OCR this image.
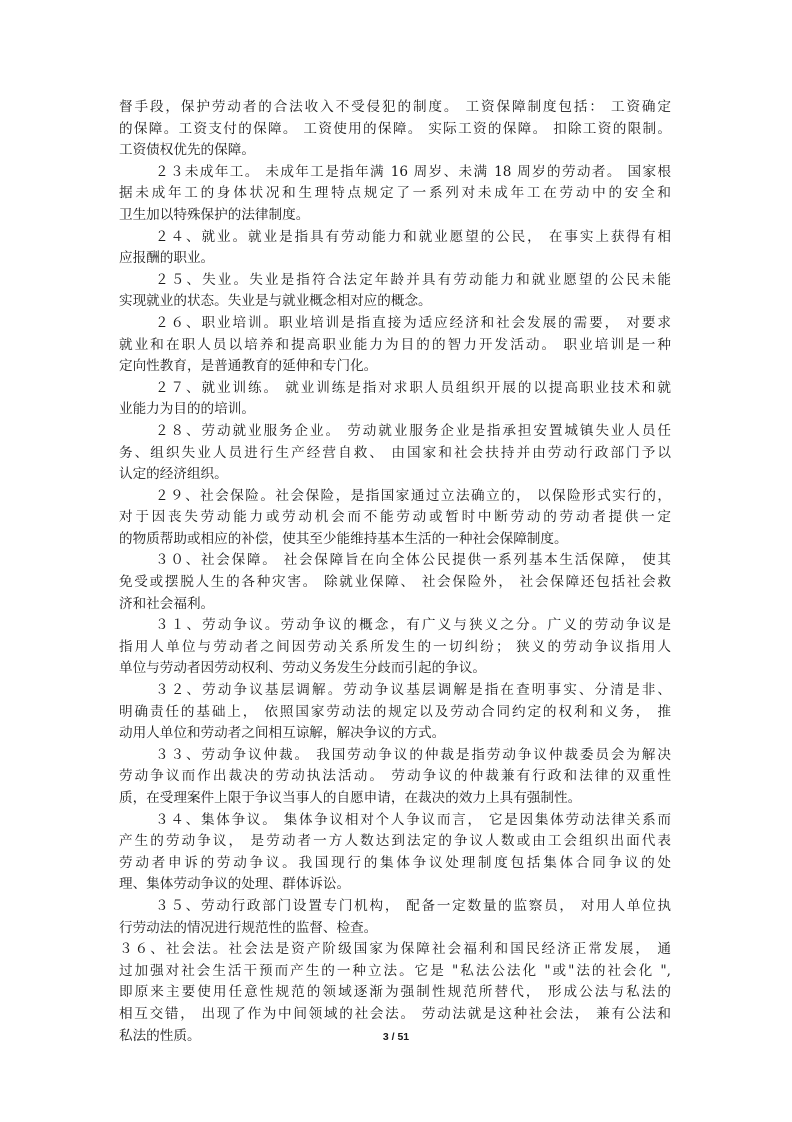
督手段，保护劳动者的合法收入不受侵犯的制度。 工资保障制度包括： 工资确定
的保障。工资支付的保障。 工资使用的保障。 实际工资的保障。 扣除工资的限制。
工资债权优先的保障。
２３未成年工。 未成年工是指年满 16 周岁、未满 18 周岁的劳动者。 国家根
据未成年工的身体状况和生理特点规定了一系列对未成年工在劳动中的安全和
卫生加以特殊保护的法律制度。
２４、就业。就业是指具有劳动能力和就业愿望的公民， 在事实上获得有相
应报酬的职业。
２５、失业。失业是指符合法定年龄并具有劳动能力和就业愿望的公民未能
实现就业的状态。失业是与就业概念相对应的概念。
２６、职业培训。职业培训是指直接为适应经济和社会发展的需要， 对要求
就业和在职人员以培养和提高职业能力为目的的智力开发活动。 职业培训是一种
定向性教育，是普通教育的延伸和专门化。
２７、就业训练。 就业训练是指对求职人员组织开展的以提高职业技术和就
业能力为目的的培训。
２８、劳动就业服务企业。 劳动就业服务企业是指承担安置城镇失业人员任
务、组织失业人员进行生产经营自救、 由国家和社会扶持并由劳动行政部门予以
认定的经济组织。
２９、社会保险。社会保险，是指国家通过立法确立的， 以保险形式实行的，
对于因丧失劳动能力或劳动机会而不能劳动或暂时中断劳动的劳动者提供一定
的物质帮助或相应的补偿，使其至少能维持基本生活的一种社会保障制度。
３０、社会保障。 社会保障旨在向全体公民提供一系列基本生活保障， 使其
免受或摆脱人生的各种灾害。 除就业保障、 社会保险外， 社会保障还包括社会救
济和社会福利。
３１、劳动争议。劳动争议的概念，有广义与狭义之分。广义的劳动争议是
指用人单位与劳动者之间因劳动关系所发生的一切纠纷； 狭义的劳动争议指用人
单位与劳动者因劳动权利、劳动义务发生分歧而引起的争议。
３２、劳动争议基层调解。劳动争议基层调解是指在查明事实、分清是非、
明确责任的基础上， 依照国家劳动法的规定以及劳动合同约定的权利和义务， 推
动用人单位和劳动者之间相互谅解，解决争议的方式。
３３、劳动争议仲裁。 我国劳动争议的仲裁是指劳动争议仲裁委员会为解决
劳动争议而作出裁决的劳动执法活动。 劳动争议的仲裁兼有行政和法律的双重性
质，在受理案件上限于争议当事人的自愿申请，在裁决的效力上具有强制性。
３４、集体争议。 集体争议相对个人争议而言， 它是因集体劳动法律关系而
产生的劳动争议， 是劳动者一方人数达到法定的争议人数或由工会组织出面代表
劳动者申诉的劳动争议。我国现行的集体争议处理制度包括集体合同争议的处
理、集体劳动争议的处理、群体诉讼。
３５、劳动行政部门设置专门机构， 配备一定数量的监察员， 对用人单位执
行劳动法的情况进行规范性的监督、检查。
３６、社会法。社会法是资产阶级国家为保障社会福利和国民经济正常发展， 通
过加强对社会生活干预而产生的一种立法。它是 "私法公法化 "或"法的社会化 ",
即原来主要使用任意性规范的领域逐渐为强制性规范所替代， 形成公法与私法的
相互交错， 出现了作为中间领域的社会法。 劳动法就是这种社会法， 兼有公法和
私法的性质。	3 / 51
